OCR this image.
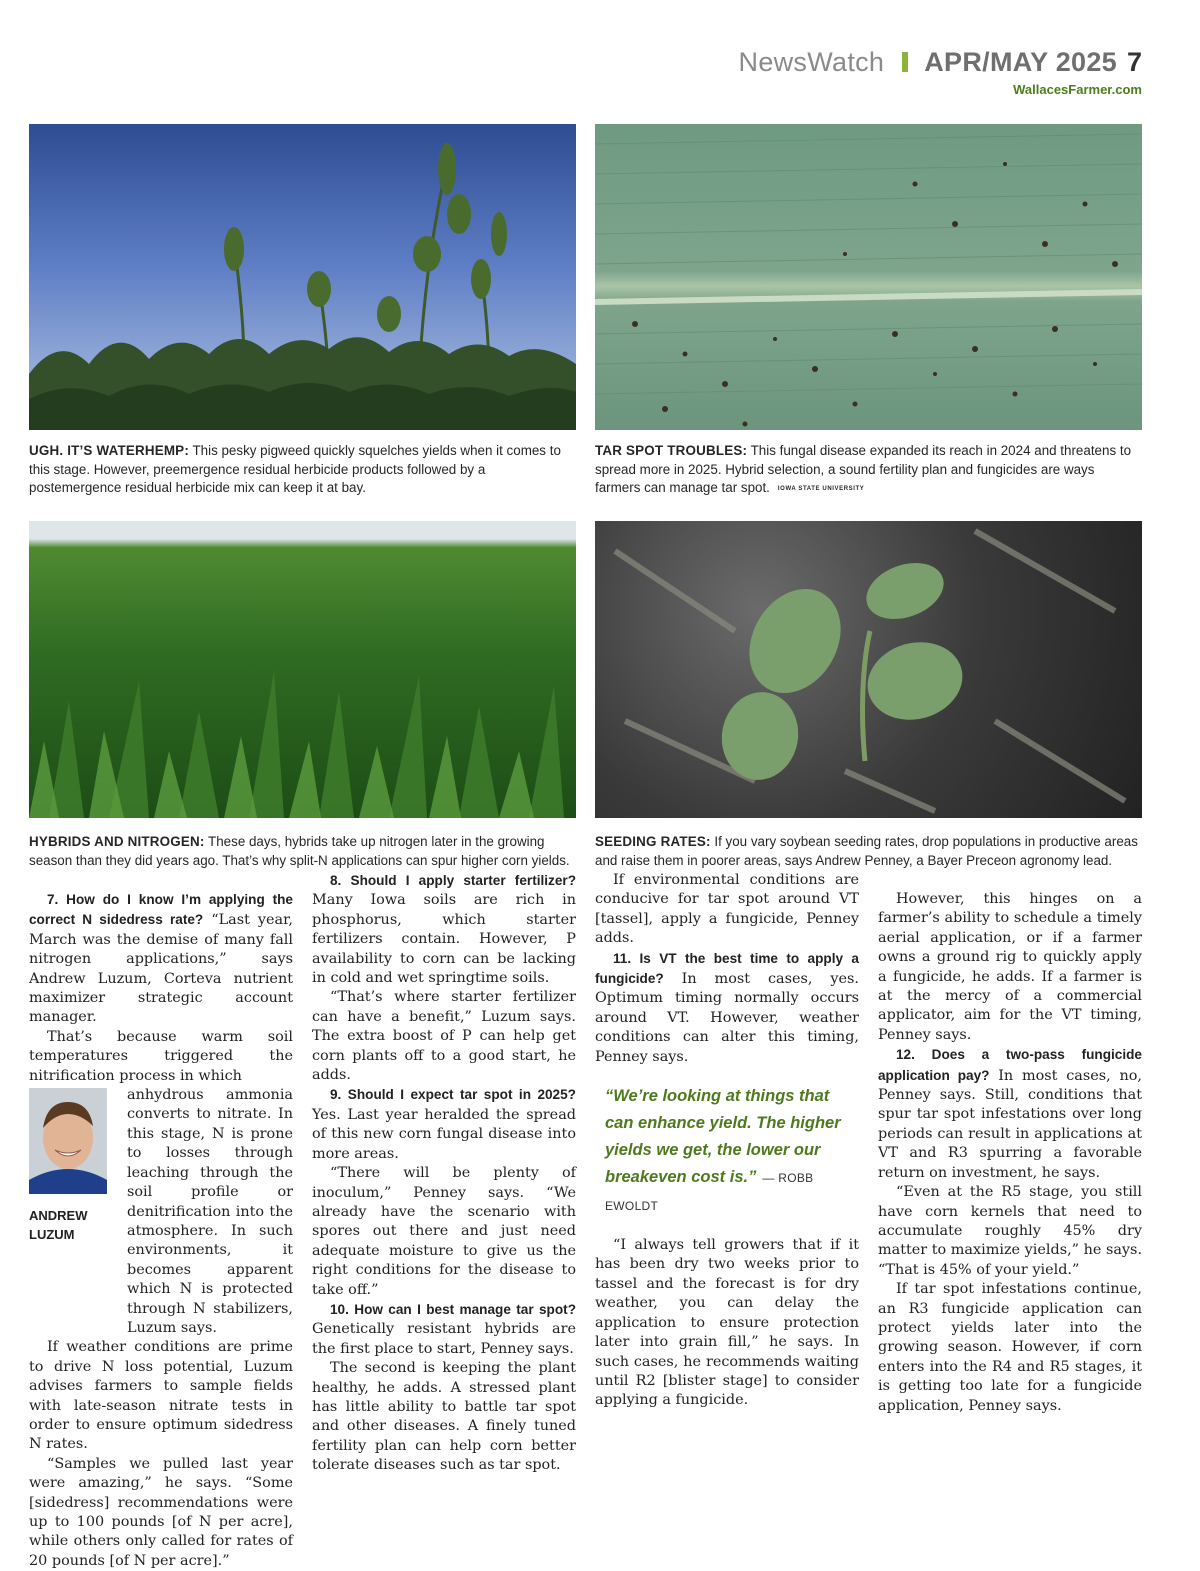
NewsWatch APR/MAY 2025 7
WallacesFarmer.com
UGH. IT’S WATERHEMP: This pesky pigweed quickly squelches yields when it comes to this stage. However, preemergence residual herbicide products followed by a postemergence residual herbicide mix can keep it at bay.
TAR SPOT TROUBLES: This fungal disease expanded its reach in 2024 and threatens to spread more in 2025. Hybrid selection, a sound fertility plan and fungicides are ways farmers can manage tar spot. IOWA STATE UNIVERSITY
HYBRIDS AND NITROGEN: These days, hybrids take up nitrogen later in the growing season than they did years ago. That’s why split-N applications can spur higher corn yields.
SEEDING RATES: If you vary soybean seeding rates, drop populations in productive areas and raise them in poorer areas, says Andrew Penney, a Bayer Preceon agronomy lead.

7. How do I know I’m applying the correct N sidedress rate? “Last year, March was the demise of many fall nitrogen applications,” says Andrew Luzum, Corteva nutrient maximizer strategic account manager.

That’s because warm soil temperatures triggered the nitrification process in which

ANDREW
LUZUM
anhydrous ammonia converts to nitrate. In this stage, N is prone to losses through leaching through the soil profile or denitrification into the atmosphere. In such environments, it becomes apparent which N is protected through N stabilizers, Luzum says.

If weather conditions are prime to drive N loss potential, Luzum advises farmers to sample fields with late-season nitrate tests in order to ensure optimum sidedress N rates.

“Samples we pulled last year were amazing,” he says. “Some [sidedress] recommendations were up to 100 pounds [of N per acre], while others only called for rates of 20 pounds [of N per acre].”

8. Should I apply starter fertilizer? Many Iowa soils are rich in phosphorus, which starter fertilizers contain. However, P availability to corn can be lacking in cold and wet springtime soils.

“That’s where starter fertilizer can have a benefit,” Luzum says. The extra boost of P can help get corn plants off to a good start, he adds.

9. Should I expect tar spot in 2025? Yes. Last year heralded the spread of this new corn fungal disease into more areas.

“There will be plenty of inoculum,” Penney says. “We already have the scenario with spores out there and just need adequate moisture to give us the right conditions for the disease to take off.”

10. How can I best manage tar spot? Genetically resistant hybrids are the first place to start, Penney says.

The second is keeping the plant healthy, he adds. A stressed plant has little ability to battle tar spot and other diseases. A finely tuned fertility plan can help corn better tolerate diseases such as tar spot.

If environmental conditions are conducive for tar spot around VT [tassel], apply a fungicide, Penney adds.

11. Is VT the best time to apply a fungicide? In most cases, yes. Optimum timing normally occurs around VT. However, weather conditions can alter this timing, Penney says.

“We’re looking at things that can enhance yield. The higher yields we get, the lower our breakeven cost is.” — ROBB EWOLDT

“I always tell growers that if it has been dry two weeks prior to tassel and the forecast is for dry weather, you can delay the application to ensure protection later into grain fill,” he says. In such cases, he recommends waiting until R2 [blister stage] to consider applying a fungicide.

However, this hinges on a farmer’s ability to schedule a timely aerial application, or if a farmer owns a ground rig to quickly apply a fungicide, he adds. If a farmer is at the mercy of a commercial applicator, aim for the VT timing, Penney says.

12. Does a two-pass fungicide application pay? In most cases, no, Penney says. Still, conditions that spur tar spot infestations over long periods can result in applications at VT and R3 spurring a favorable return on investment, he says.

“Even at the R5 stage, you still have corn kernels that need to accumulate roughly 45% dry matter to maximize yields,” he says. “That is 45% of your yield.”

If tar spot infestations continue, an R3 fungicide application can protect yields later into the growing season. However, if corn enters into the R4 and R5 stages, it is getting too late for a fungicide application, Penney says.
